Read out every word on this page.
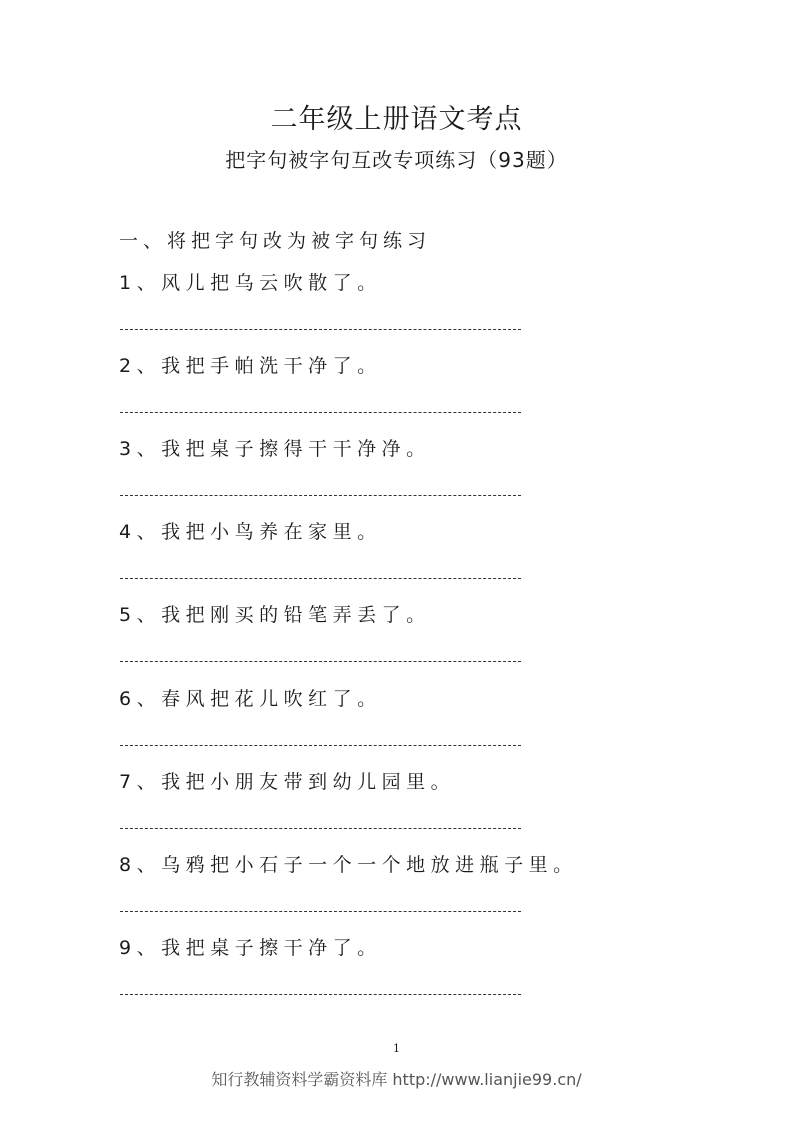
二年级上册语文考点
把字句被字句互改专项练习（93题）
一、将把字句改为被字句练习
1、风儿把乌云吹散了。
2、我把手帕洗干净了。
3、我把桌子擦得干干净净。
4、我把小鸟养在家里。
5、我把刚买的铅笔弄丢了。
6、春风把花儿吹红了。
7、我把小朋友带到幼儿园里。
8、乌鸦把小石子一个一个地放进瓶子里。
9、我把桌子擦干净了。
1
知行教辅资料学霸资料库 http://www.lianjie99.cn/
